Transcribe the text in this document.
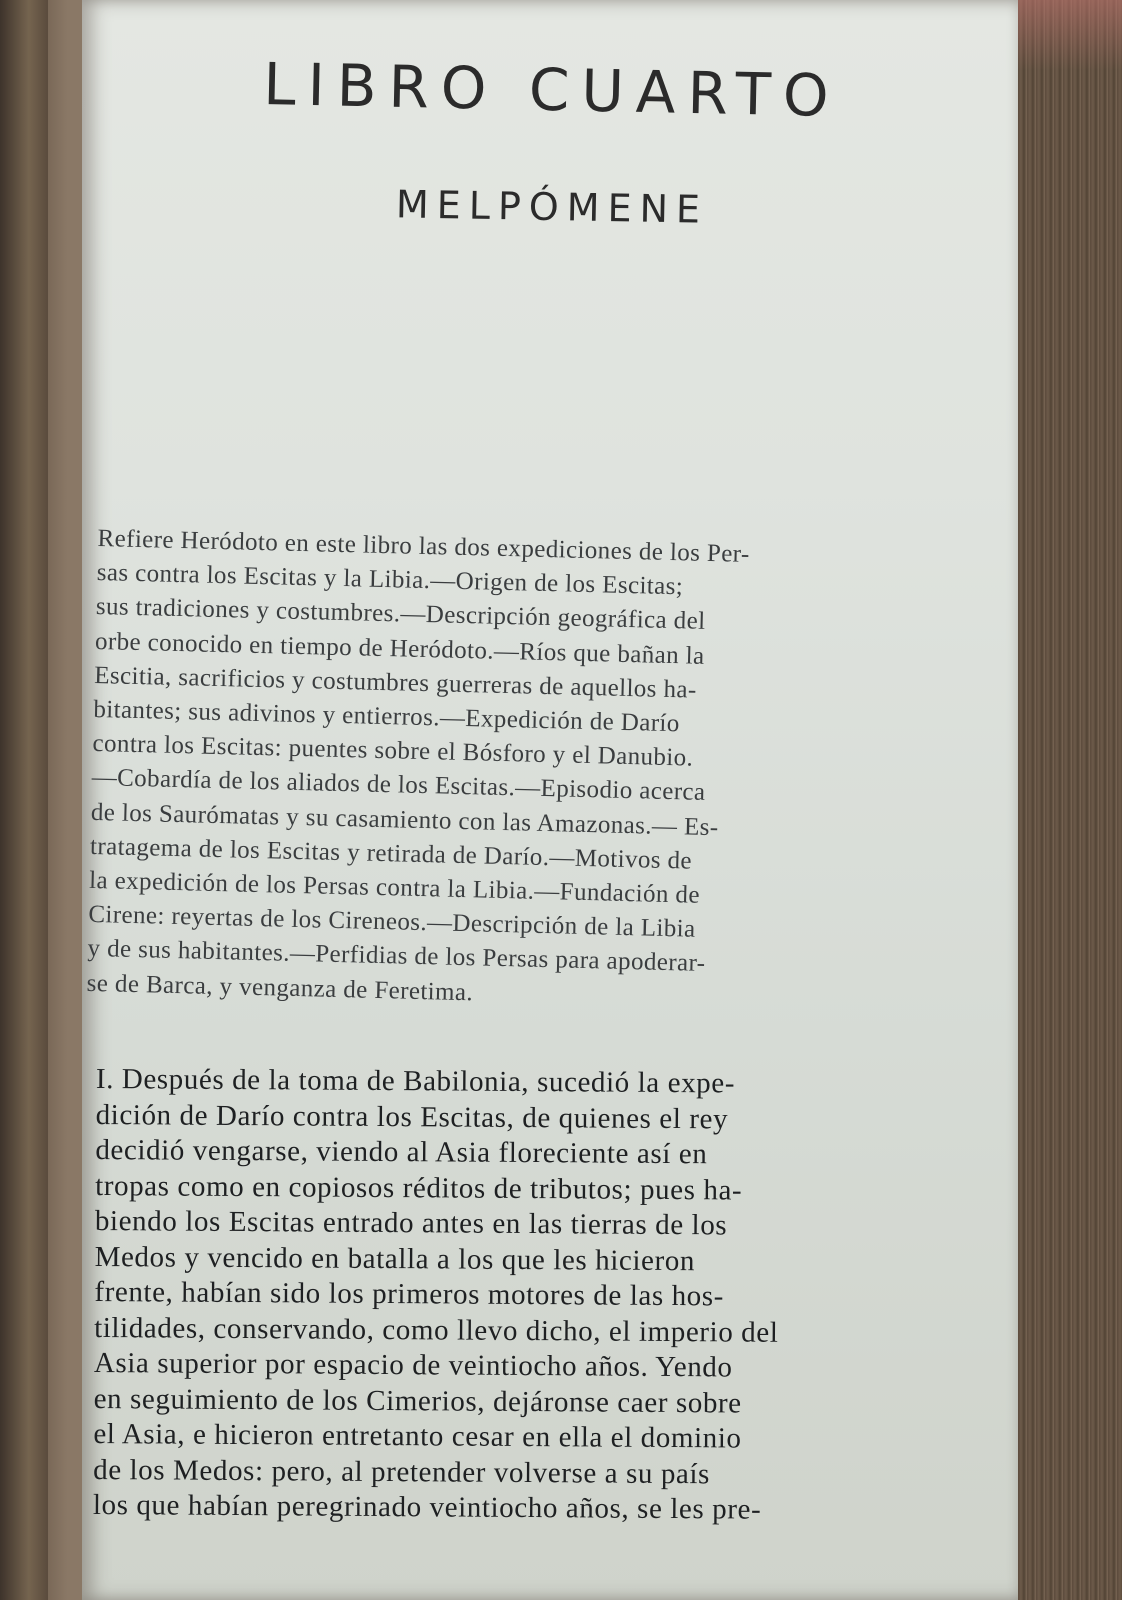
LIBRO CUARTO
MELPÓMENE

Refiere Heródoto en este libro las dos expediciones de los Per-
sas contra los Escitas y la Libia.—Origen de los Escitas;
sus tradiciones y costumbres.—Descripción geográfica del
orbe conocido en tiempo de Heródoto.—Ríos que bañan la
Escitia, sacrificios y costumbres guerreras de aquellos ha-
bitantes; sus adivinos y entierros.—Expedición de Darío
contra los Escitas: puentes sobre el Bósforo y el Danubio.
—Cobardía de los aliados de los Escitas.—Episodio acerca
de los Saurómatas y su casamiento con las Amazonas.— Es-
tratagema de los Escitas y retirada de Darío.—Motivos de
la expedición de los Persas contra la Libia.—Fundación de
Cirene: reyertas de los Cireneos.—Descripción de la Libia
y de sus habitantes.—Perfidias de los Persas para apoderar-
se de Barca, y venganza de Feretima.

I. Después de la toma de Babilonia, sucedió la expe-
dición de Darío contra los Escitas, de quienes el rey
decidió vengarse, viendo al Asia floreciente así en
tropas como en copiosos réditos de tributos; pues ha-
biendo los Escitas entrado antes en las tierras de los
Medos y vencido en batalla a los que les hicieron
frente, habían sido los primeros motores de las hos-
tilidades, conservando, como llevo dicho, el imperio del
Asia superior por espacio de veintiocho años. Yendo
en seguimiento de los Cimerios, dejáronse caer sobre
el Asia, e hicieron entretanto cesar en ella el dominio
de los Medos: pero, al pretender volverse a su país
los que habían peregrinado veintiocho años, se les pre-
